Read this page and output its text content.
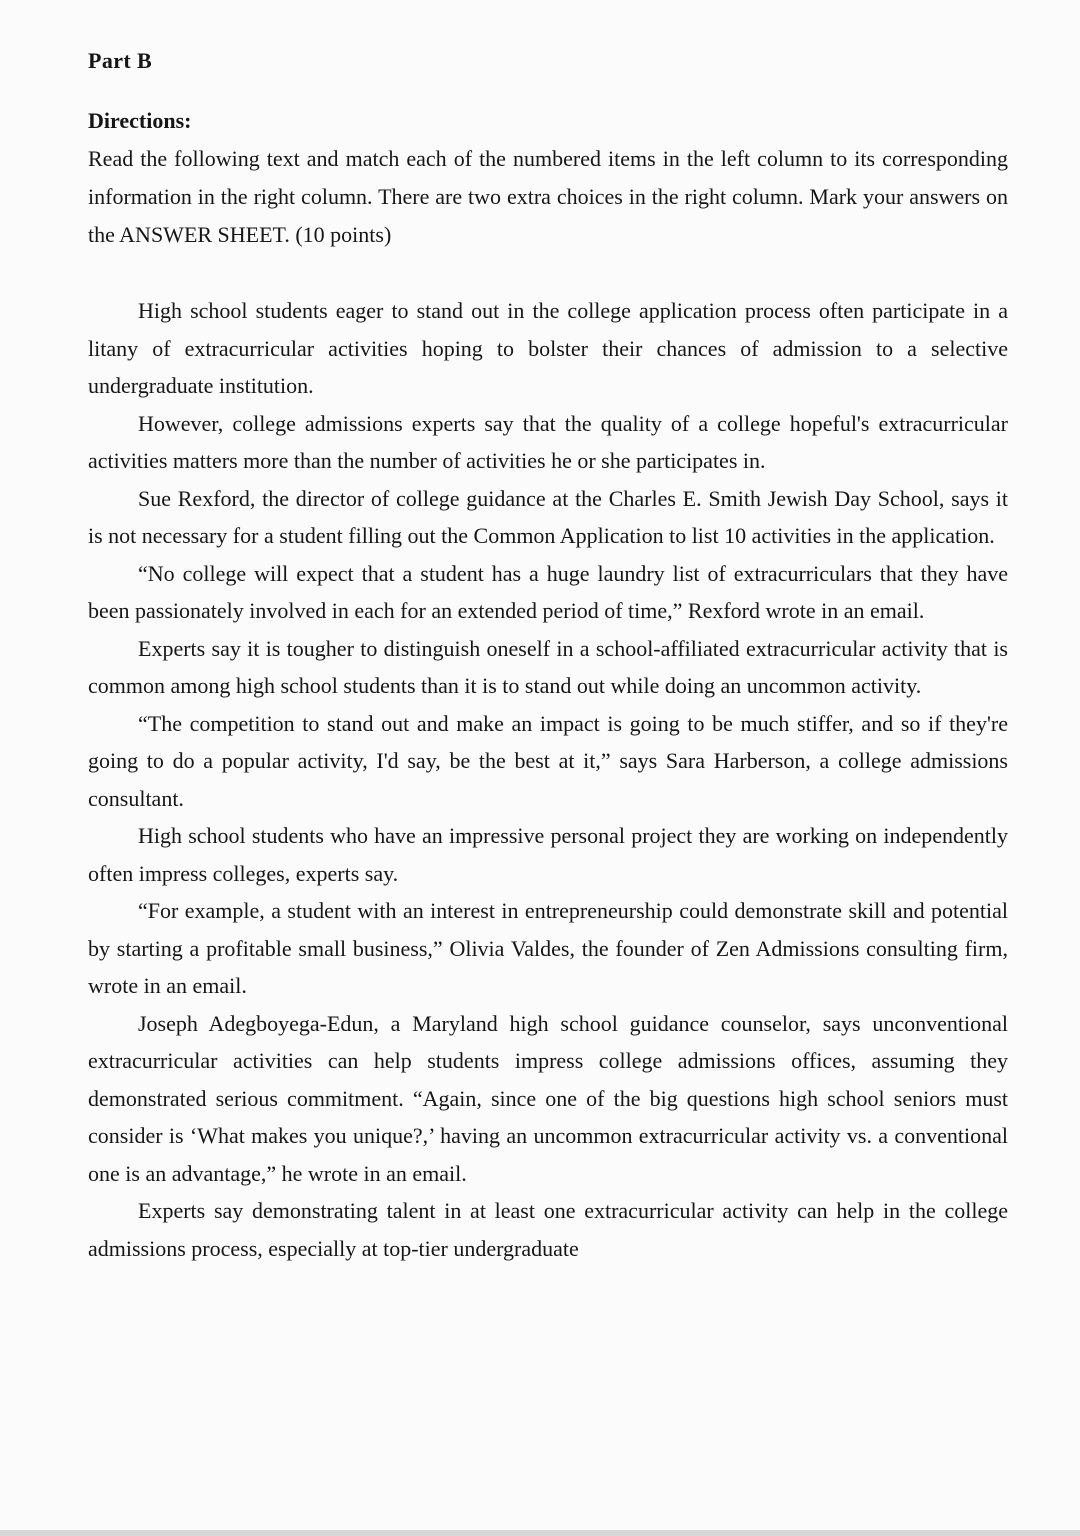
Part B
Directions:

Read the following text and match each of the numbered items in the left column to its corresponding information in the right column. There are two extra choices in the right column. Mark your answers on the ANSWER SHEET. (10 points)

High school students eager to stand out in the college application process often participate in a litany of extracurricular activities hoping to bolster their chances of admission to a selective undergraduate institution.

However, college admissions experts say that the quality of a college hopeful's extracurricular activities matters more than the number of activities he or she participates in.

Sue Rexford, the director of college guidance at the Charles E. Smith Jewish Day School, says it is not necessary for a student filling out the Common Application to list 10 activities in the application.

“No college will expect that a student has a huge laundry list of extracurriculars that they have been passionately involved in each for an extended period of time,” Rexford wrote in an email.

Experts say it is tougher to distinguish oneself in a school-affiliated extracurricular activity that is common among high school students than it is to stand out while doing an uncommon activity.

“The competition to stand out and make an impact is going to be much stiffer, and so if they're going to do a popular activity, I'd say, be the best at it,” says Sara Harberson, a college admissions consultant.

High school students who have an impressive personal project they are working on independently often impress colleges, experts say.

“For example, a student with an interest in entrepreneurship could demonstrate skill and potential by starting a profitable small business,” Olivia Valdes, the founder of Zen Admissions consulting firm, wrote in an email.

Joseph Adegboyega-Edun, a Maryland high school guidance counselor, says unconventional extracurricular activities can help students impress college admissions offices, assuming they demonstrated serious commitment. “Again, since one of the big questions high school seniors must consider is ‘What makes you unique?,’ having an uncommon extracurricular activity vs. a conventional one is an advantage,” he wrote in an email.

Experts say demonstrating talent in at least one extracurricular activity can help in the college admissions process, especially at top-tier undergraduate
